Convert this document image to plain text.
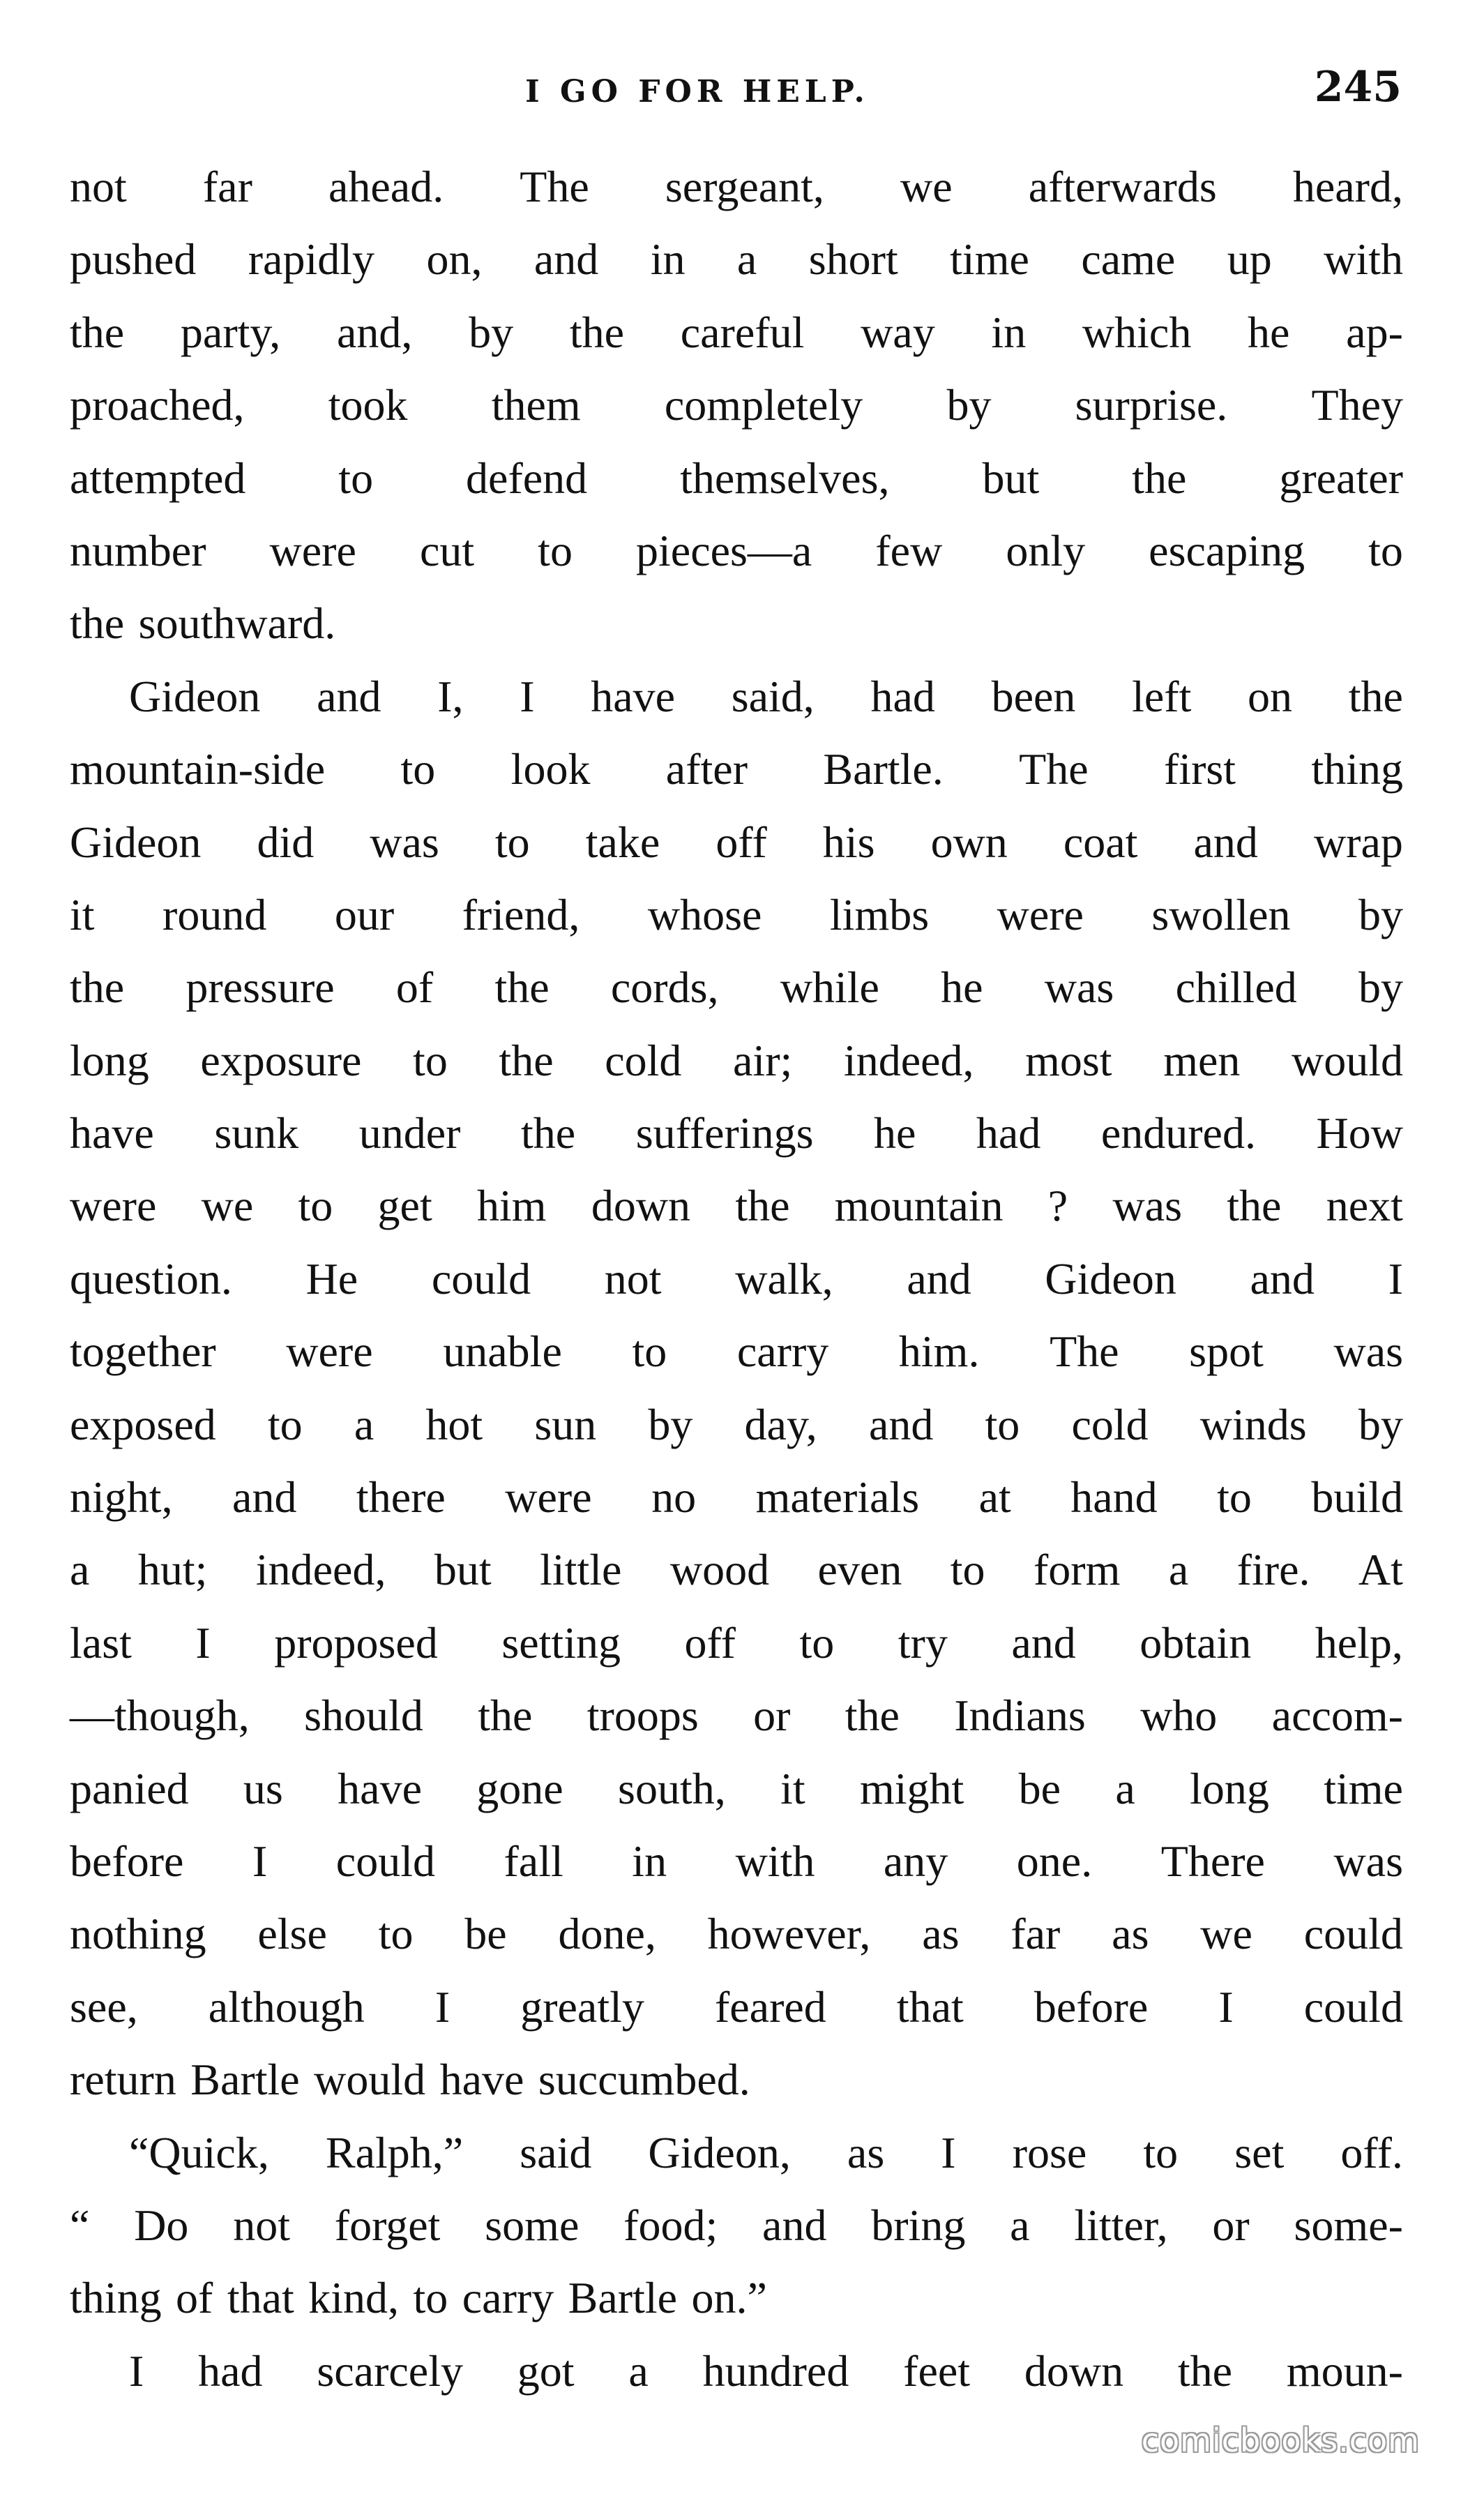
I GO FOR HELP.	245
not far ahead. The sergeant, we afterwards heard,
pushed rapidly on, and in a short time came up with
the party, and, by the careful way in which he ap-
proached, took them completely by surprise. They
attempted to defend themselves, but the greater
number were cut to pieces—a few only escaping to
the southward.
Gideon and I, I have said, had been left on the
mountain-side to look after Bartle. The first thing
Gideon did was to take off his own coat and wrap
it round our friend, whose limbs were swollen by
the pressure of the cords, while he was chilled by
long exposure to the cold air; indeed, most men would
have sunk under the sufferings he had endured. How
were we to get him down the mountain ? was the next
question. He could not walk, and Gideon and I
together were unable to carry him. The spot was
exposed to a hot sun by day, and to cold winds by
night, and there were no materials at hand to build
a hut; indeed, but little wood even to form a fire. At
last I proposed setting off to try and obtain help,
—though, should the troops or the Indians who accom-
panied us have gone south, it might be a long time
before I could fall in with any one. There was
nothing else to be done, however, as far as we could
see, although I greatly feared that before I could
return Bartle would have succumbed.
“Quick, Ralph,” said Gideon, as I rose to set off.
“ Do not forget some food; and bring a litter, or some-
thing of that kind, to carry Bartle on.”
I had scarcely got a hundred feet down the moun-
comicbooks.com
